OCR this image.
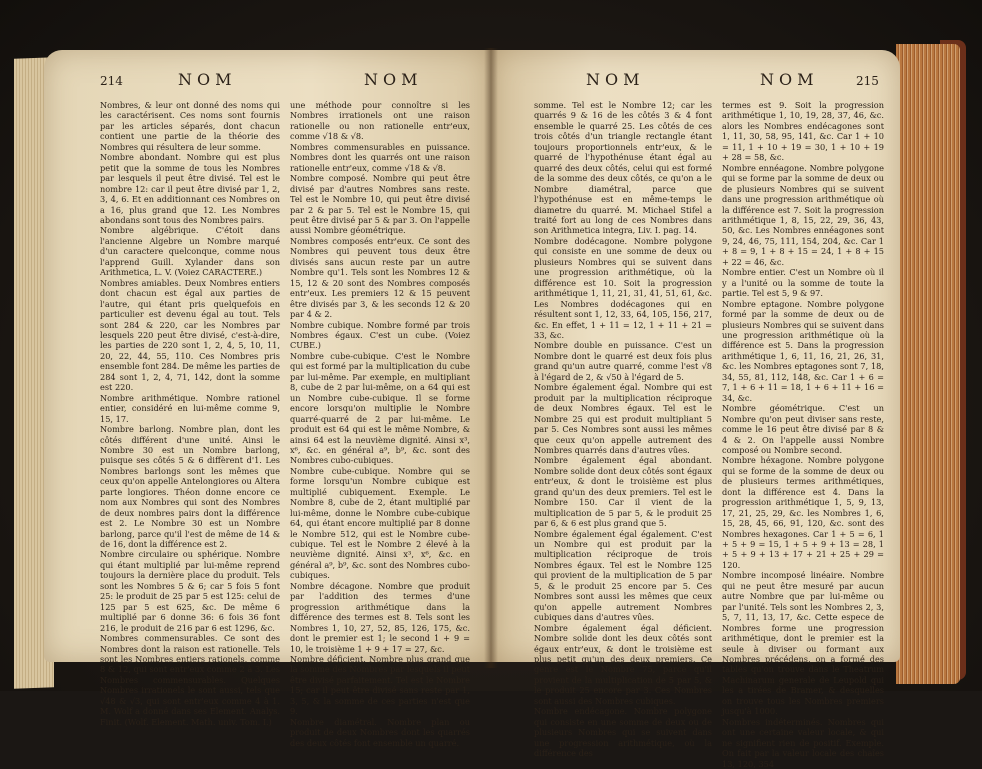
214	NOM	NOM
Nombres, & leur ont donné des noms qui les caractérisent. Ces noms sont fournis par les articles séparés, dont chacun contient une partie de la théorie des Nombres qui résultera de leur somme.
Nombre abondant. Nombre qui est plus petit que la somme de tous les Nombres par lesquels il peut être divisé. Tel est le nombre 12: car il peut être divisé par 1, 2, 3, 4, 6. Et en additionnant ces Nombres on a 16, plus grand que 12. Les Nombres abondans sont tous des Nombres pairs.
Nombre algébrique. C'étoit dans l'ancienne Algebre un Nombre marqué d'un caractere quelconque, comme nous l'apprend Guill. Xylander dans son Arithmetica, L. V. (Voiez CARACTERE.)
Nombres amiables. Deux Nombres entiers dont chacun est égal aux parties de l'autre, qui étant pris quelquefois en particulier est devenu égal au tout. Tels sont 284 & 220, car les Nombres par lesquels 220 peut être divisé, c'est-à-dire, les parties de 220 sont 1, 2, 4, 5, 10, 11, 20, 22, 44, 55, 110. Ces Nombres pris ensemble font 284. De même les parties de 284 sont 1, 2, 4, 71, 142, dont la somme est 220.
Nombre arithmétique. Nombre rationel entier, considéré en lui-même comme 9, 15, 17.
Nombre barlong. Nombre plan, dont les côtés différent d'une unité. Ainsi le Nombre 30 est un Nombre barlong, puisque ses côtés 5 & 6 diffèrent d'1. Les Nombres barlongs sont les mêmes que ceux qu'on appelle Antelongiores ou Altera parte longiores. Théon donne encore ce nom aux Nombres qui sont des Nombres de deux nombres pairs dont la différence est 2. Le Nombre 30 est un Nombre barlong, parce qu'il l'est de même de 14 & de 16, dont la différence est 2.
Nombre circulaire ou sphérique. Nombre qui étant multiplié par lui-même reprend toujours la dernière place du produit. Tels sont les Nombres 5 & 6; car 5 fois 5 font 25: le produit de 25 par 5 est 125: celui de 125 par 5 est 625, &c. De même 6 multiplié par 6 donne 36: 6 fois 36 font 216, le produit de 216 par 6 est 1296, &c.
Nombres commensurables. Ce sont des Nombres dont la raison est rationelle. Tels sont les Nombres entiers rationels, comme 8 & 12, qui sont entr'eux comme 2 à 3. Les Nombres commensurables. Quelques Nombres irrationels le sont aussi, tels que √48 & √3, qui sont entr'eux comme 4 à 1. M. Wolf a donné dans ses Element. Analys. Finit. (Wolf. Element. Math. univ. Tom. I.)
une méthode pour connoître si les Nombres irrationels ont une raison rationelle ou non rationelle entr'eux, comme √18 & √8.
Nombres commensurables en puissance. Nombres dont les quarrés ont une raison rationelle entr'eux, comme √18 & √8.
Nombre composé. Nombre qui peut être divisé par d'autres Nombres sans reste. Tel est le Nombre 10, qui peut être divisé par 2 & par 5. Tel est le Nombre 15, qui peut être divisé par 5 & par 3. On l'appelle aussi Nombre géométrique.
Nombres composés entr'eux. Ce sont des Nombres qui peuvent tous deux être divisés sans aucun reste par un autre Nombre qu'1. Tels sont les Nombres 12 & 15, 12 & 20 sont des Nombres composés entr'eux. Les premiers 12 & 15 peuvent être divisés par 3, & les seconds 12 & 20 par 4 & 2.
Nombre cubique. Nombre formé par trois Nombres égaux. C'est un cube. (Voiez CUBE.)
Nombre cube-cubique. C'est le Nombre qui est formé par la multiplication du cube par lui-même. Par exemple, en multipliant 8, cube de 2 par lui-même, on a 64 qui est un Nombre cube-cubique. Il se forme encore lorsqu'on multiplie le Nombre quarré-quarré de 2 par lui-même. Le produit est 64 qui est le même Nombre, & ainsi 64 est la neuvième dignité. Ainsi x³, x⁶, &c. en général a⁹, b⁹, &c. sont des Nombres cubo-cubiques.
Nombre cube-cubique. Nombre qui se forme lorsqu'un Nombre cubique est multiplié cubiquement. Exemple. Le Nombre 8, cube de 2, étant multiplié par lui-même, donne le Nombre cube-cubique 64, qui étant encore multiplié par 8 donne le Nombre 512, qui est le Nombre cube-cubique. Tel est le Nombre 2 élevé à la neuvième dignité. Ainsi x³, x⁶, &c. en général a⁹, b⁹, &c. sont des Nombres cubo-cubiques.
Nombre décagone. Nombre que produit par l'addition des termes d'une progression arithmétique dans la différence des termes est 8. Tels sont les Nombres 1, 10, 27, 52, 85, 126, 175, &c. dont le premier est 1; le second 1 + 9 = 10, le troisième 1 + 9 + 17 = 27, &c.
Nombre déficient. Nombre plus grand que la somme des Nombres par lesquels il peut être divisé parfaitement. Tel est le Nombre 15; car il peut être divisé sans reste par 1, 3, 5, & la somme de ces parties n'est que 9.
Nombre diamétral. Nombre plan ou produit de deux Nombres dont les quarrés des deux côtés font ensemble un quarré.
NOM	NOM	215
somme. Tel est le Nombre 12; car les quarrés 9 & 16 de les côtés 3 & 4 font ensemble le quarré 25. Les côtés de ces trois côtés d'un triangle rectangle étant toujours proportionnels entr'eux, & le quarré de l'hypothénuse étant égal au quarré des deux côtés, celui qui est formé de la somme des deux côtés, ce qu'on a le Nombre diamétral, parce que l'hypothénuse est en même-temps le diametre du quarré. M. Michael Stifel a traité fort au long de ces Nombres dans son Arithmetica integra, Liv. I. pag. 14.
Nombre dodécagone. Nombre polygone qui consiste en une somme de deux ou plusieurs Nombres qui se suivent dans une progression arithmétique, où la différence est 10. Soit la progression arithmétique 1, 11, 21, 31, 41, 51, 61, &c. Les Nombres dodécagones qui en résultent sont 1, 12, 33, 64, 105, 156, 217, &c. En effet, 1 + 11 = 12, 1 + 11 + 21 = 33, &c.
Nombre double en puissance. C'est un Nombre dont le quarré est deux fois plus grand qu'un autre quarré, comme l'est √8 à l'égard de 2, & √50 à l'égard de 5.
Nombre également égal. Nombre qui est produit par la multiplication réciproque de deux Nombres égaux. Tel est le Nombre 25 qui est produit multipliant 5 par 5. Ces Nombres sont aussi les mêmes que ceux qu'on appelle autrement des Nombres quarrés dans d'autres vûes.
Nombre également égal abondant. Nombre solide dont deux côtés sont égaux entr'eux, & dont le troisième est plus grand qu'un des deux premiers. Tel est le Nombre 150. Car il vient de la multiplication de 5 par 5, & le produit 25 par 6, & 6 est plus grand que 5.
Nombre également égal également. C'est un Nombre qui est produit par la multiplication réciproque de trois Nombres égaux. Tel est le Nombre 125 qui provient de la multiplication de 5 par 5, & le produit 25 encore par 5. Ces Nombres sont aussi les mêmes que ceux qu'on appelle autrement Nombres cubiques dans d'autres vûes.
Nombre également égal déficient. Nombre solide dont les deux côtés sont égaux entr'eux, & dont le troisième est plus petit qu'un des deux premiers. Ce genre est le Nombre 75, parce qu'il provient de la multiplication de 5 par 5, & le produit 25 encore par 3. Ces Nombres sont aussi des Nombres cubiques.
Nombre endécagone. Nombre polygone qui consiste en une somme de deux ou de plusieurs Nombres qui se suivent dans une progression arithmétique, où la différence des
termes est 9. Soit la progression arithmétique 1, 10, 19, 28, 37, 46, &c. alors les Nombres endécagones sont 1, 11, 30, 58, 95, 141, &c. Car 1 + 10 = 11, 1 + 10 + 19 = 30, 1 + 10 + 19 + 28 = 58, &c.
Nombre ennéagone. Nombre polygone qui se forme par la somme de deux ou de plusieurs Nombres qui se suivent dans une progression arithmétique où la différence est 7. Soit la progression arithmétique 1, 8, 15, 22, 29, 36, 43, 50, &c. Les Nombres ennéagones sont 9, 24, 46, 75, 111, 154, 204, &c. Car 1 + 8 = 9, 1 + 8 + 15 = 24, 1 + 8 + 15 + 22 = 46, &c.
Nombre entier. C'est un Nombre où il y a l'unité ou la somme de toute la partie. Tel est 5, 9 & 97.
Nombre eptagone. Nombre polygone formé par la somme de deux ou de plusieurs Nombres qui se suivent dans une progression arithmétique où la différence est 5. Dans la progression arithmétique 1, 6, 11, 16, 21, 26, 31, &c. les Nombres eptagones sont 7, 18, 34, 55, 81, 112, 148, &c. Car 1 + 6 = 7, 1 + 6 + 11 = 18, 1 + 6 + 11 + 16 = 34, &c.
Nombre géométrique. C'est un Nombre qu'on peut diviser sans reste, comme le 16 peut être divisé par 8 & 4 & 2. On l'appelle aussi Nombre composé ou Nombre second.
Nombre héxagone. Nombre polygone qui se forme de la somme de deux ou de plusieurs termes arithmétiques, dont la différence est 4. Dans la progression arithmétique 1, 5, 9, 13, 17, 21, 25, 29, &c. les Nombres 1, 6, 15, 28, 45, 66, 91, 120, &c. sont des Nombres hexagones. Car 1 + 5 = 6, 1 + 5 + 9 = 15, 1 + 5 + 9 + 13 = 28, 1 + 5 + 9 + 13 + 17 + 21 + 25 + 29 = 120.
Nombre incomposé linéaire. Nombre qui ne peut être mesuré par aucun autre Nombre que par lui-même ou par l'unité. Tels sont les Nombres 2, 3, 5, 7, 11, 13, 17, &c. Cette espece de Nombres forme une progression arithmétique, dont le premier est la seule à diviser ou formant aux Nombres précédens, on a formé des tables qu'on trouve dans le Theatrum Machinarum generale de Leupold qui les a tirées de Bramer, & desquelles on trouve tous les Nombres premiers jusqu'à 1000.
Nombres indéterminés. Nombres qui ont une certaine valeur locale, & qui ne signifient rien de positif. Exemple. On fait par la valeur locale des chaîes 13, 120, 354
